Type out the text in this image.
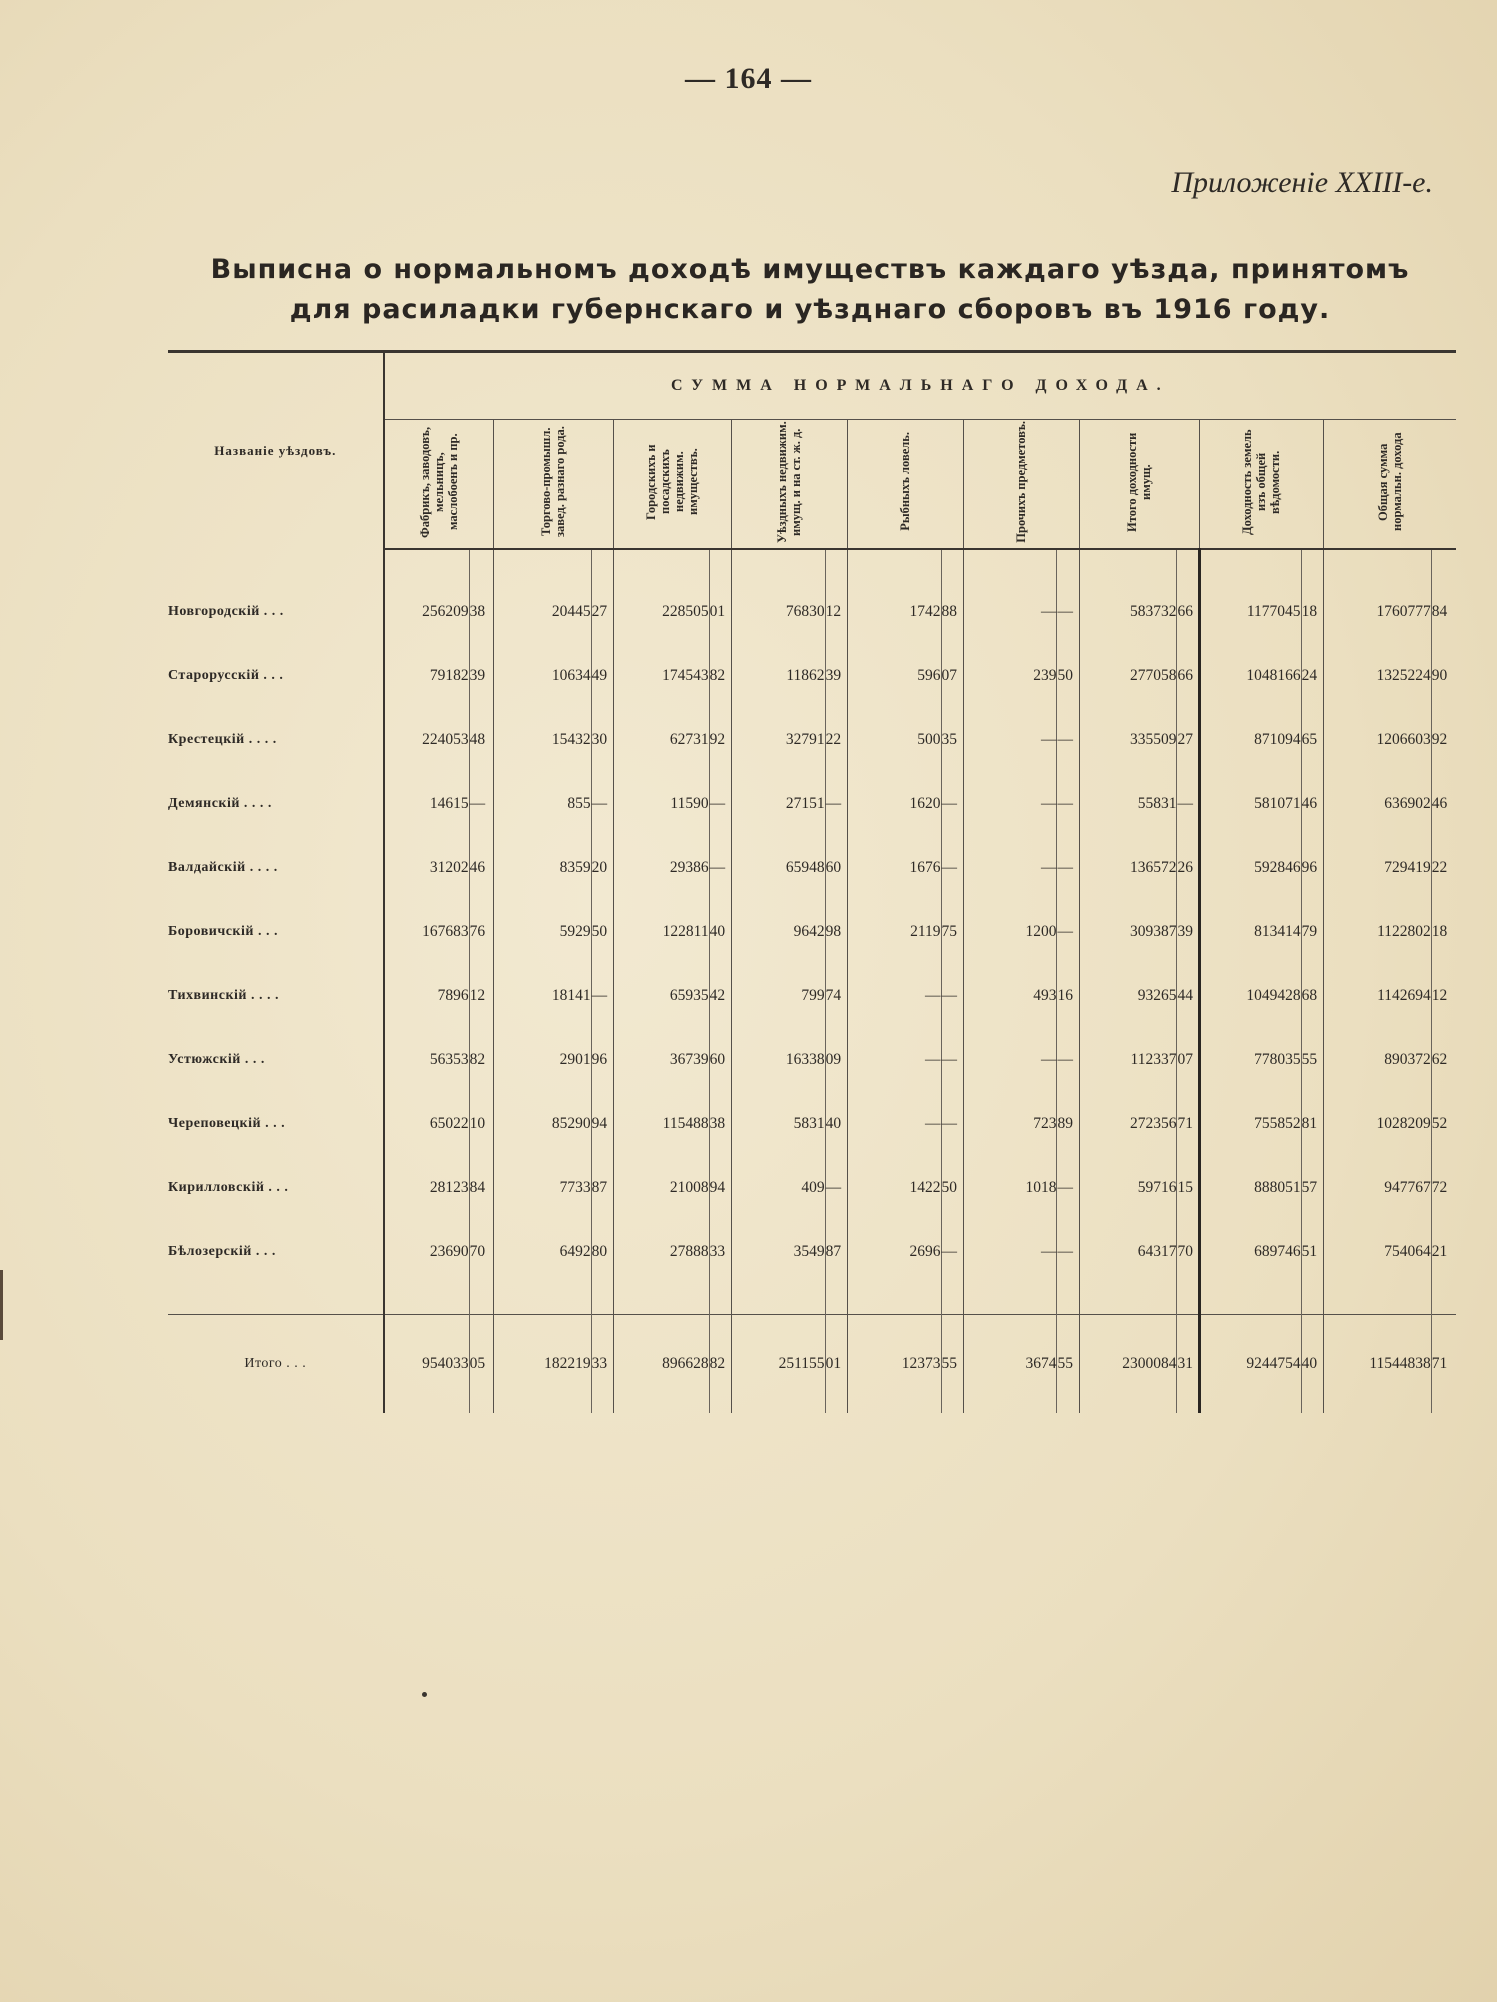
— 164 —
Приложеніе XXIII-е.
Выписна о нормальномъ доходѣ имуществъ каждаго уѣзда, принятомъ
для расиладки губернскаго и уѣзднаго сборовъ въ 1916 году.
Названіе уѣздовъ.	СУММА НОРМАЛЬНАГО ДОХОДА.																	
	Фабрикъ, заводовъ, мельницъ, маслобоенъ и пр.		Торгово-промышл. завед. разнаго рода.		Городскихъ и посадскихъ недвижим. имуществъ.		Уѣздныхъ недвижим. имущ. и на ст. ж. д.		Рыбныхъ ловель.		Прочихъ предметовъ.		Итого доходности имущ.		Доходность земель изъ общей вѣдомости.		Общая сумма нормальн. дохода	

Новгородскій . . .	256209	38	20445	27	228505	01	76830	12	1742	88	—	—	583732	66	1177045	18	1760777	84
Старорусскій . . .	79182	39	10634	49	174543	82	11862	39	596	07	239	50	277058	66	1048166	24	1325224	90
Крестецкій . . . .	224053	48	15432	30	62731	92	32791	22	500	35	—	—	335509	27	871094	65	1206603	92
Демянскій . . . .	14615	—	855	—	11590	—	27151	—	1620	—	—	—	55831	—	581071	46	636902	46
Валдайскій . . . .	31202	46	8359	20	29386	—	65948	60	1676	—	—	—	136572	26	592846	96	729419	22
Боровичскій . . .	167683	76	5929	50	122811	40	9642	98	2119	75	1200	—	309387	39	813414	79	1122802	18
Тихвинскій . . . .	7896	12	18141	—	65935	42	799	74	—	—	493	16	93265	44	1049428	68	1142694	12
Устюжскій . . .	56353	82	2901	96	36739	60	16338	09	—	—	—	—	112337	07	778035	55	890372	62
Череповецкій . . .	65022	10	85290	94	115488	38	5831	40	—	—	723	89	272356	71	755852	81	1028209	52
Кирилловскій . . .	28123	84	7733	87	21008	94	409	—	1422	50	1018	—	59716	15	888051	57	947767	72
Бѣлозерскій . . .	23690	70	6492	80	27888	33	3549	87	2696	—	—	—	64317	70	689746	51	754064	21

Итого . . .	954033	05	182219	33	896628	82	251155	01	12373	55	3674	55	2300084	31	9244754	40	11544838	71
